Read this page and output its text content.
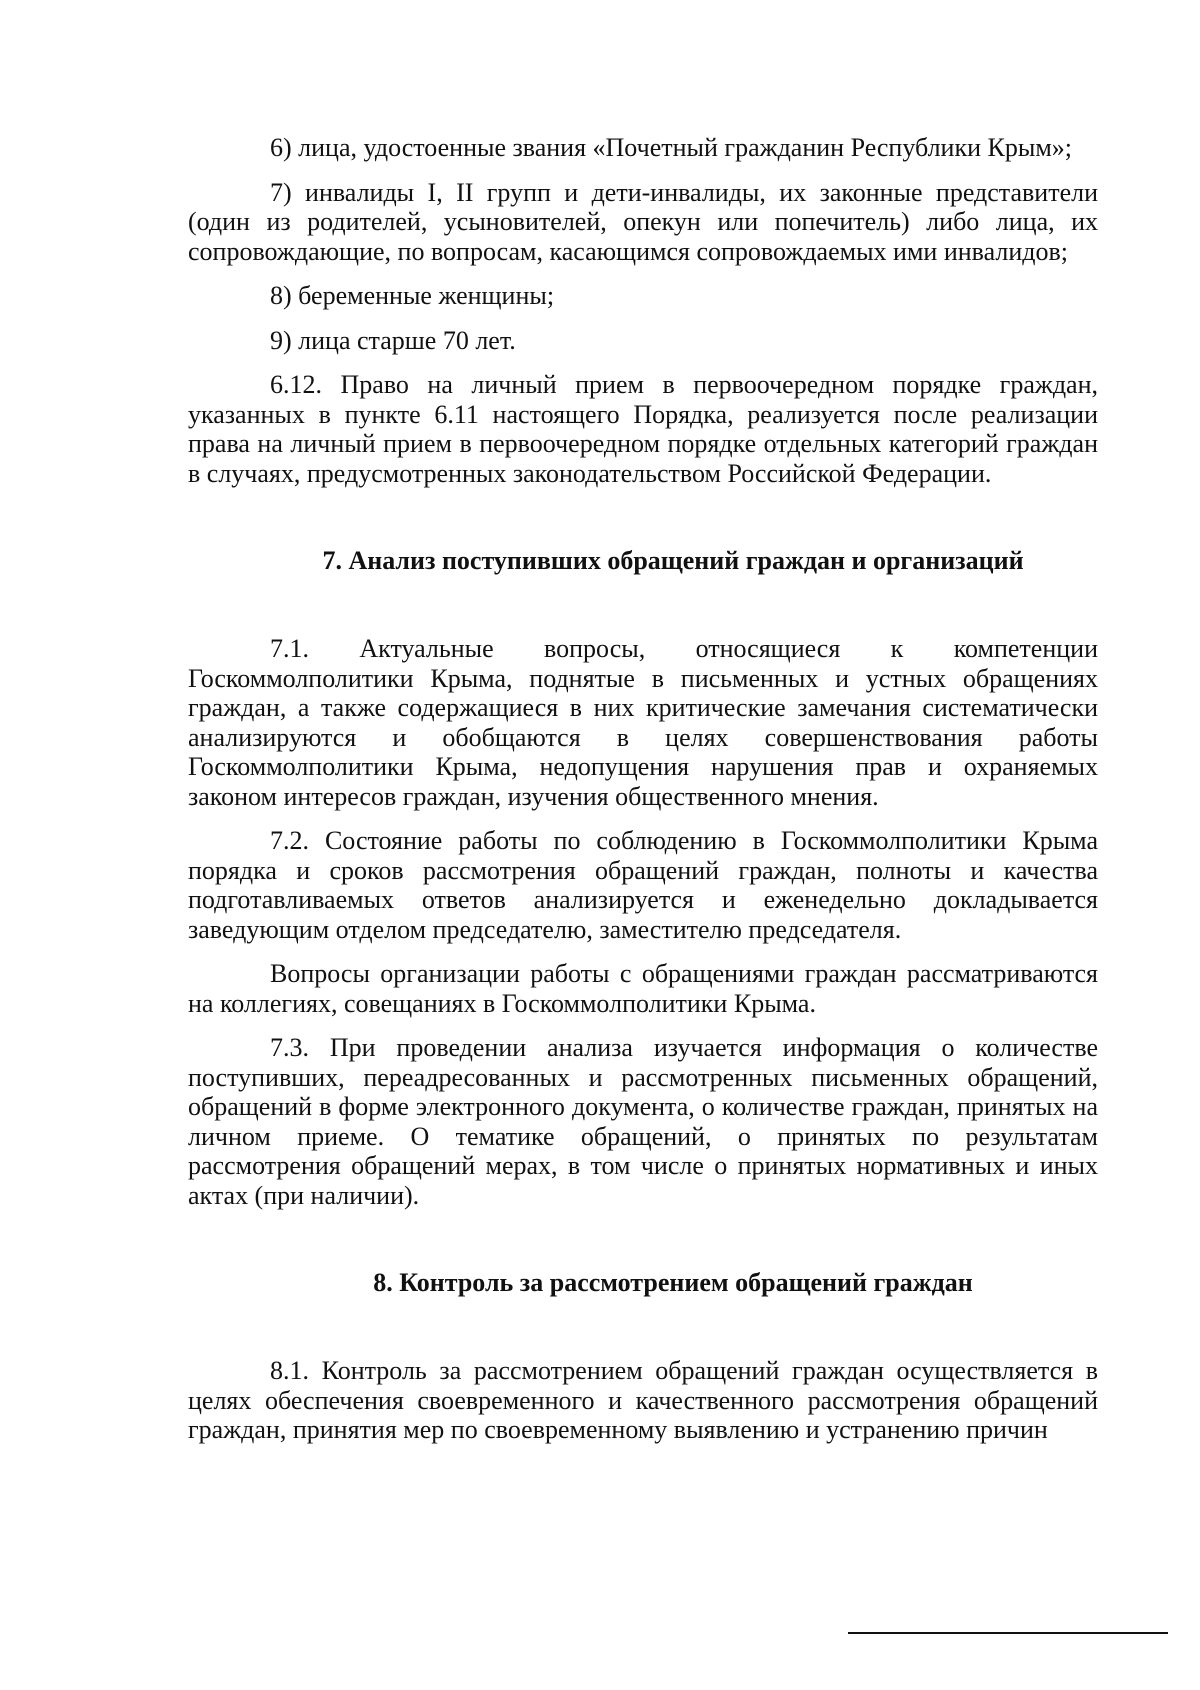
6) лица, удостоенные звания «Почетный гражданин Республики Крым»;

7) инвалиды I, II групп и дети-инвалиды, их законные представители (один из родителей, усыновителей, опекун или попечитель) либо лица, их сопровождающие, по вопросам, касающимся сопровождаемых ими инвалидов;

8) беременные женщины;

9) лица старше 70 лет.

6.12. Право на личный прием в первоочередном порядке граждан, указанных в пункте 6.11 настоящего Порядка, реализуется после реализации права на личный прием в первоочередном порядке отдельных категорий граждан в случаях, предусмотренных законодательством Российской Федерации.

7. Анализ поступивших обращений граждан и организаций

7.1. Актуальные вопросы, относящиеся к компетенции Госкоммолполитики Крыма, поднятые в письменных и устных обращениях граждан, а также содержащиеся в них критические замечания систематически анализируются и обобщаются в целях совершенствования работы Госкоммолполитики Крыма, недопущения нарушения прав и охраняемых законом интересов граждан, изучения общественного мнения.

7.2. Состояние работы по соблюдению в Госкоммолполитики Крыма порядка и сроков рассмотрения обращений граждан, полноты и качества подготавливаемых ответов анализируется и еженедельно докладывается заведующим отделом председателю, заместителю председателя.

Вопросы организации работы с обращениями граждан рассматриваются на коллегиях, совещаниях в Госкоммолполитики Крыма.

7.3. При проведении анализа изучается информация о количестве поступивших, переадресованных и рассмотренных письменных обращений, обращений в форме электронного документа, о количестве граждан, принятых на личном приеме. О тематике обращений, о принятых по результатам рассмотрения обращений мерах, в том числе о принятых нормативных и иных актах (при наличии).

8. Контроль за рассмотрением обращений граждан

8.1. Контроль за рассмотрением обращений граждан осуществляется в целях обеспечения своевременного и качественного рассмотрения обращений граждан, принятия мер по своевременному выявлению и устранению причин
